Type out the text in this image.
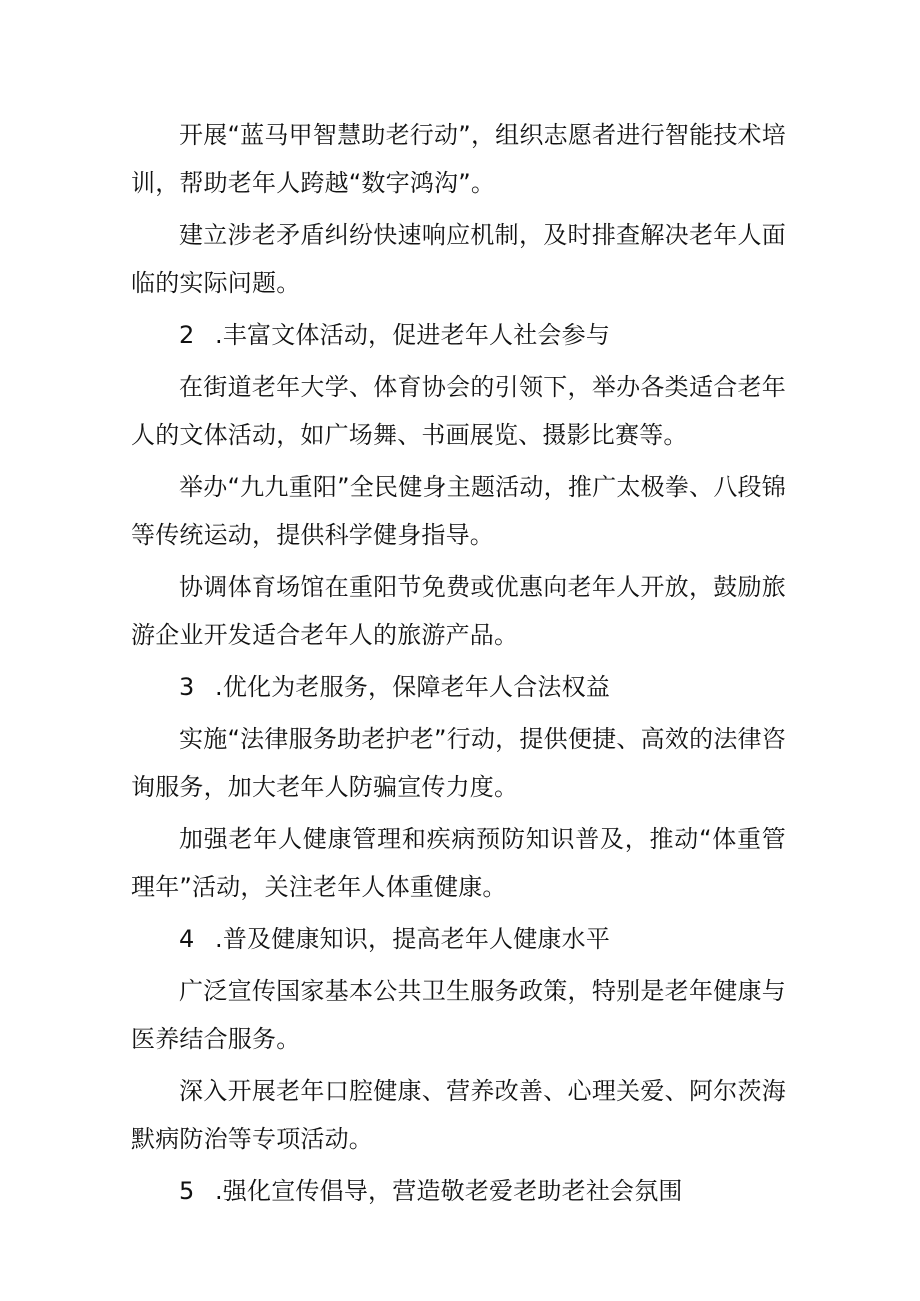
开展“蓝马甲智慧助老行动”，组织志愿者进行智能技术培训，帮助老年人跨越“数字鸿沟”。

建立涉老矛盾纠纷快速响应机制，及时排查解决老年人面临的实际问题。

2 .丰富文体活动，促进老年人社会参与

在街道老年大学、体育协会的引领下，举办各类适合老年人的文体活动，如广场舞、书画展览、摄影比赛等。

举办“九九重阳”全民健身主题活动，推广太极拳、八段锦等传统运动，提供科学健身指导。

协调体育场馆在重阳节免费或优惠向老年人开放，鼓励旅游企业开发适合老年人的旅游产品。

3 .优化为老服务，保障老年人合法权益

实施“法律服务助老护老”行动，提供便捷、高效的法律咨询服务，加大老年人防骗宣传力度。

加强老年人健康管理和疾病预防知识普及，推动“体重管理年”活动，关注老年人体重健康。

4 .普及健康知识，提高老年人健康水平

广泛宣传国家基本公共卫生服务政策，特别是老年健康与医养结合服务。

深入开展老年口腔健康、营养改善、心理关爱、阿尔茨海默病防治等专项活动。

5 .强化宣传倡导，营造敬老爱老助老社会氛围
